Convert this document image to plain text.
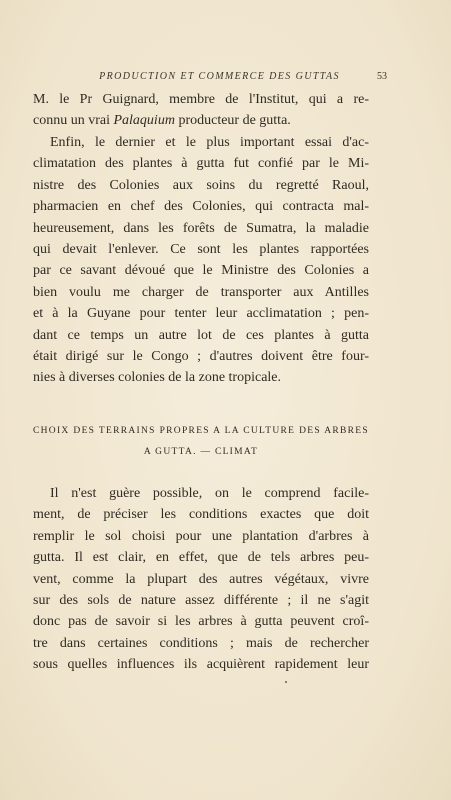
PRODUCTION ET COMMERCE DES GUTTAS	53
M. le Pr Guignard, membre de l'Institut, qui a re-
connu un vrai Palaquium producteur de gutta.
Enfin, le dernier et le plus important essai d'ac-
climatation des plantes à gutta fut confié par le Mi-
nistre des Colonies aux soins du regretté Raoul,
pharmacien en chef des Colonies, qui contracta mal-
heureusement, dans les forêts de Sumatra, la maladie
qui devait l'enlever. Ce sont les plantes rapportées
par ce savant dévoué que le Ministre des Colonies a
bien voulu me charger de transporter aux Antilles
et à la Guyane pour tenter leur acclimatation ; pen-
dant ce temps un autre lot de ces plantes à gutta
était dirigé sur le Congo ; d'autres doivent être four-
nies à diverses colonies de la zone tropicale.
CHOIX DES TERRAINS PROPRES A LA CULTURE DES ARBRES
A GUTTA. — CLIMAT
Il n'est guère possible, on le comprend facile-
ment, de préciser les conditions exactes que doit
remplir le sol choisi pour une plantation d'arbres à
gutta. Il est clair, en effet, que de tels arbres peu-
vent, comme la plupart des autres végétaux, vivre
sur des sols de nature assez différente ; il ne s'agit
donc pas de savoir si les arbres à gutta peuvent croî-
tre dans certaines conditions ; mais de rechercher
sous quelles influences ils acquièrent rapidement leur
